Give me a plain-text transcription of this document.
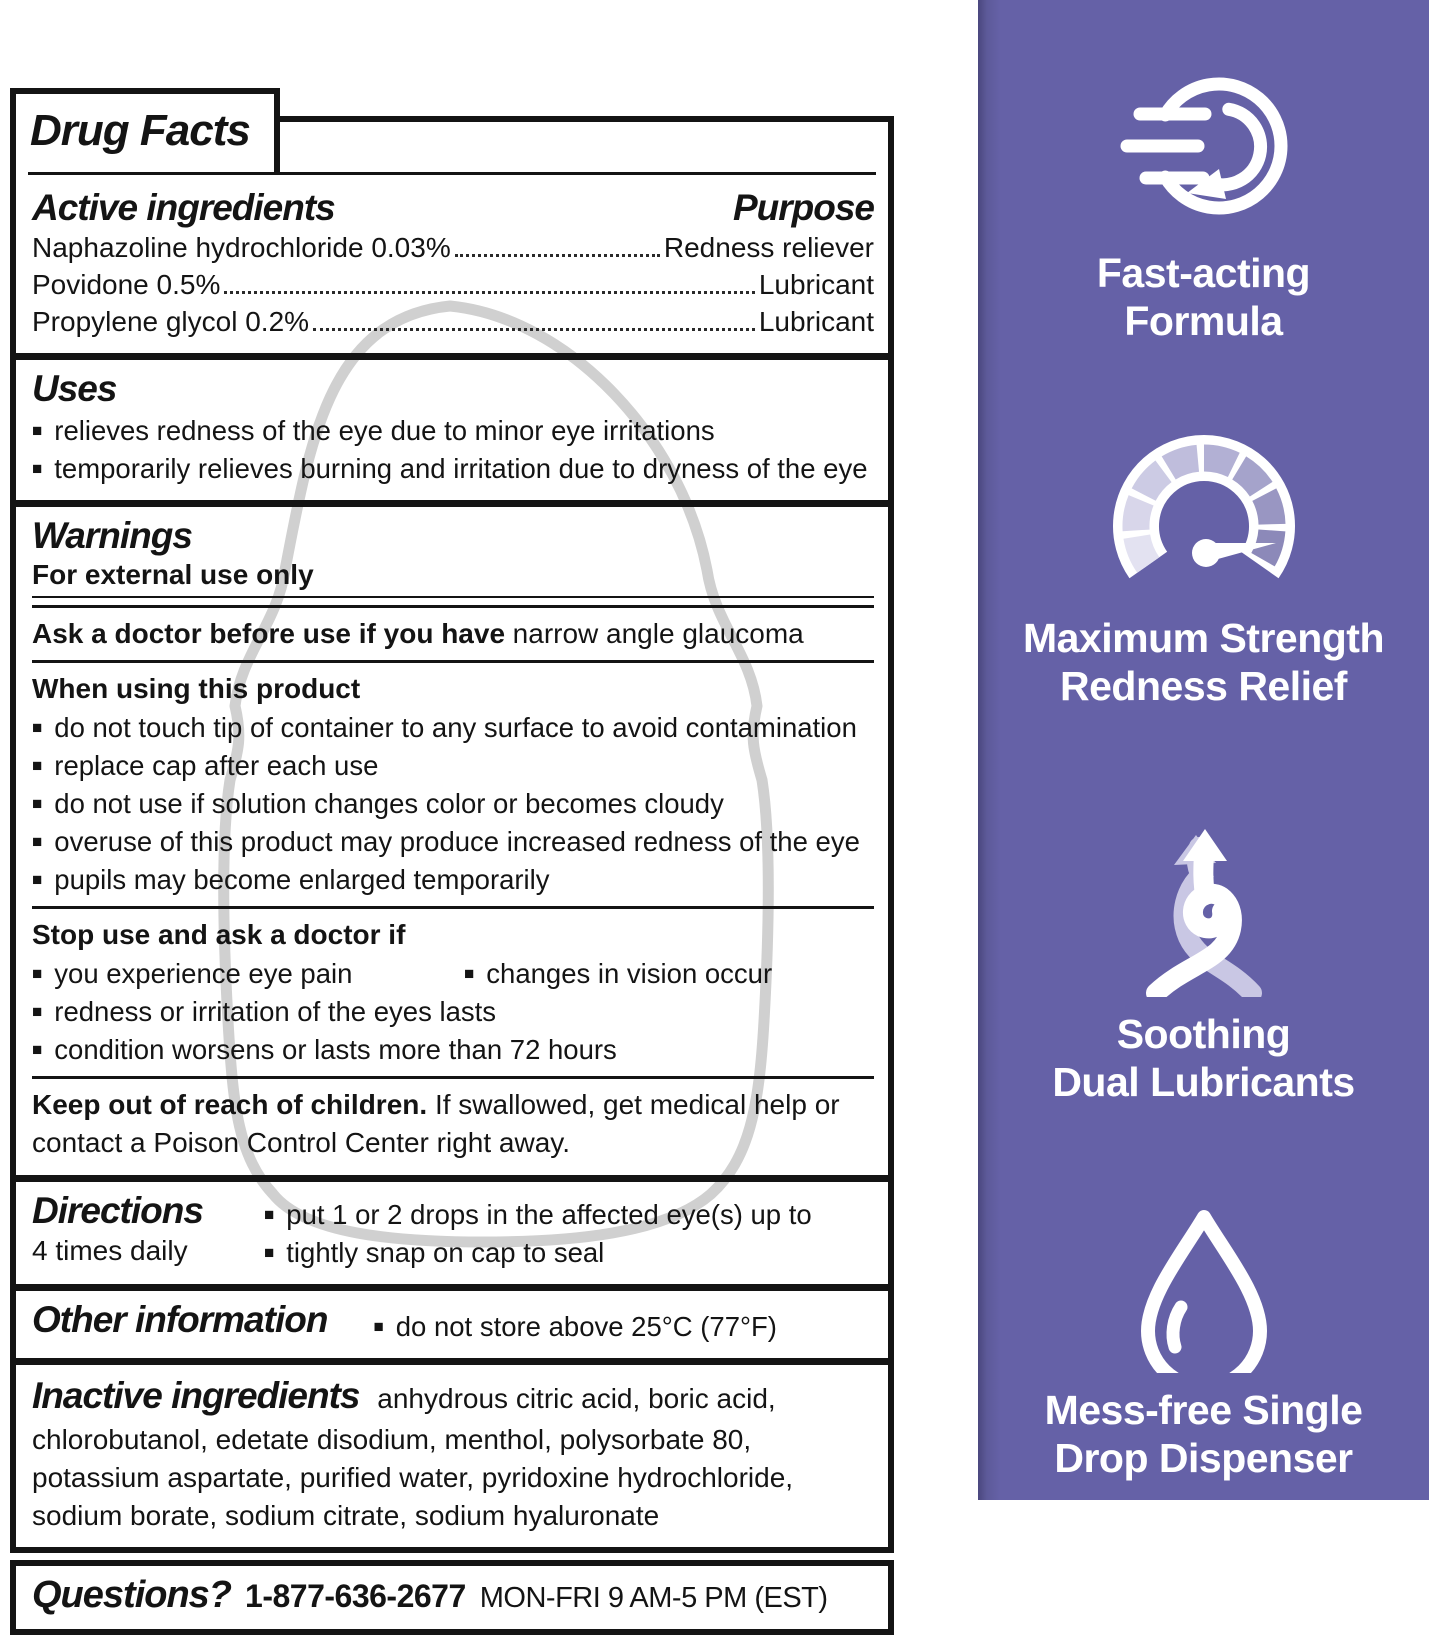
Drug Facts
Active ingredients	Purpose
Naphazoline hydrochloride 0.03%	Redness reliever
Povidone 0.5%	Lubricant
Propylene glycol 0.2%	Lubricant
Uses
■ relieves redness of the eye due to minor eye irritations
■ temporarily relieves burning and irritation due to dryness of the eye
Warnings
For external use only
Ask a doctor before use if you have narrow angle glaucoma
When using this product
■ do not touch tip of container to any surface to avoid contamination
■ replace cap after each use
■ do not use if solution changes color or becomes cloudy
■ overuse of this product may produce increased redness of the eye
■ pupils may become enlarged temporarily
Stop use and ask a doctor if
■ you experience eye pain	■ changes in vision occur
■ redness or irritation of the eyes lasts
■ condition worsens or lasts more than 72 hours
Keep out of reach of children. If swallowed, get medical help or contact a Poison Control Center right away.
Directions
4 times daily
■ put 1 or 2 drops in the affected eye(s) up to
■ tightly snap on cap to seal
Other information	■ do not store above 25°C (77°F)

Inactive ingredients anhydrous citric acid, boric acid, chlorobutanol, edetate disodium, menthol, polysorbate 80, potassium aspartate, purified water, pyridoxine hydrochloride, sodium borate, sodium citrate, sodium hyaluronate

Questions? 1-877-636-2677 MON-FRI 9 AM-5 PM (EST)
Fast-acting
Formula
Maximum Strength
Redness Relief
Soothing
Dual Lubricants
Mess-free Single
Drop Dispenser
